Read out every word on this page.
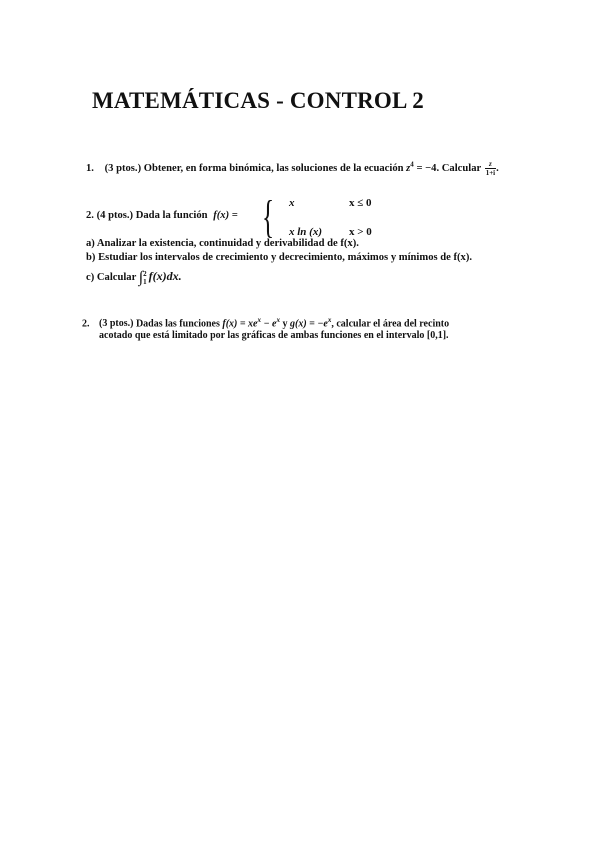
MATEMÁTICAS - CONTROL 2
1. (3 ptos.) Obtener, en forma binómica, las soluciones de la ecuación $z^4 = -4$. Calcular $\frac{z}{1+i}$ .
2. (4 ptos.) Dada la función f(x) = { x	x ≤ 0
x ln (x) x > 0
a) Analizar la existencia, continuidad y derivabilidad de f(x).
b) Estudiar los intervalos de crecimiento y decrecimiento, máximos y mínimos de f(x).
c) Calcular ∫ 2
1 f(x)dx.
2. (3 ptos.) Dadas las funciones $f(x) = xe^x - e^x$ y $g(x) = -e^x$, calcular el área del recinto
acotado que está limitado por las gráficas de ambas funciones en el intervalo [0,1].
